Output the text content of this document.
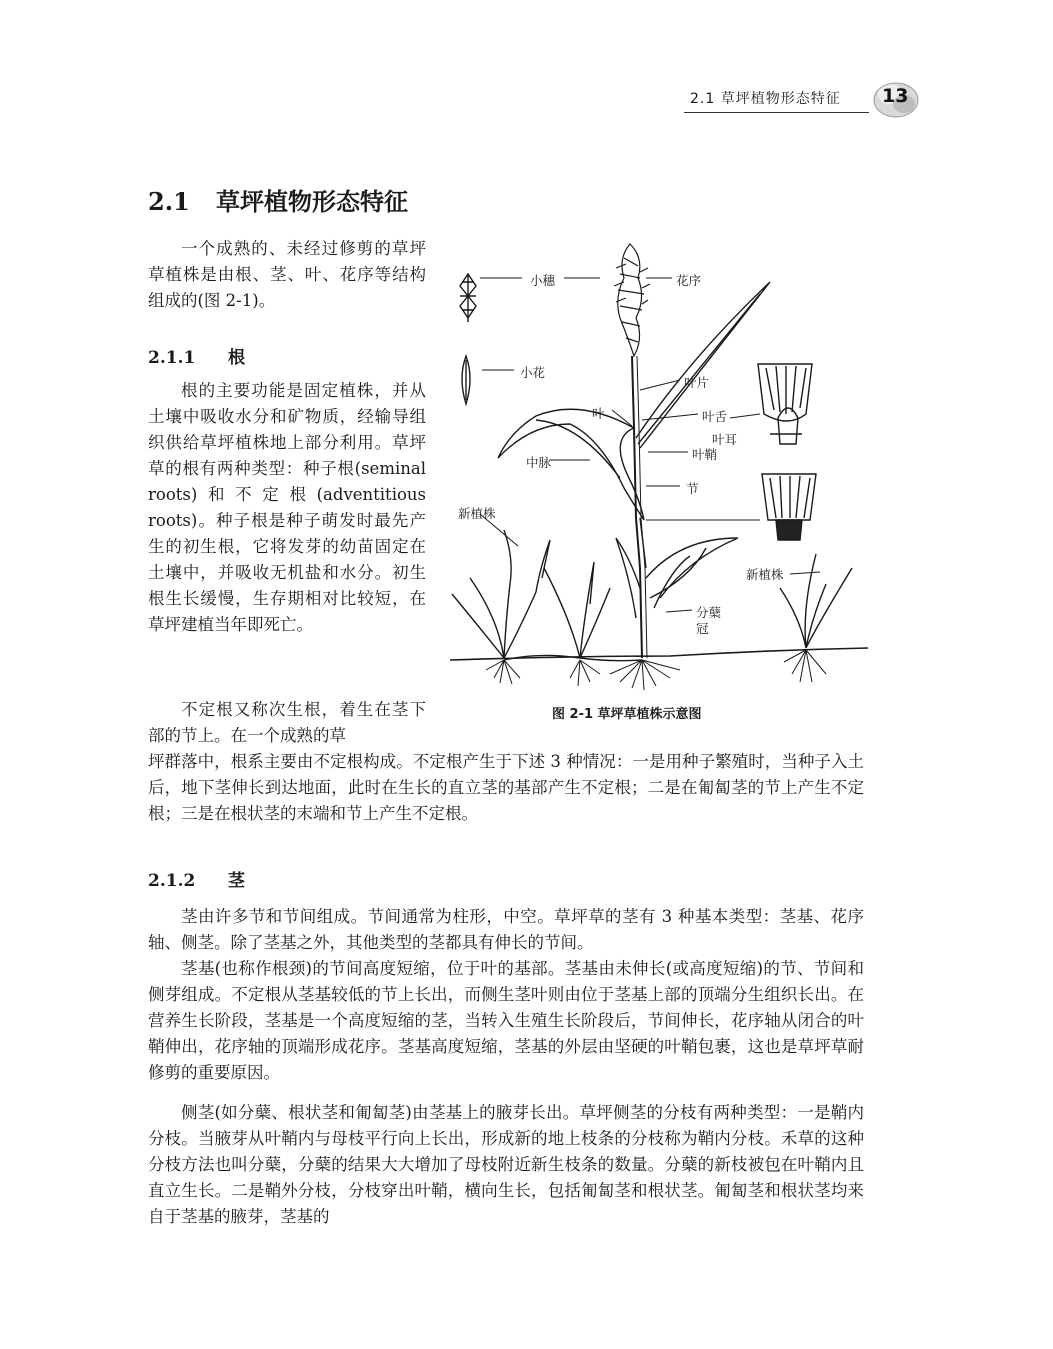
2.1 草坪植物形态特征 13
2.1 草坪植物形态特征

一个成熟的、未经过修剪的草坪草植株是由根、茎、叶、花序等结构组成的(图 2-1)。

2.1.1 根

根的主要功能是固定植株，并从土壤中吸收水分和矿物质，经输导组织供给草坪植株地上部分利用。草坪草的根有两种类型：种子根(seminal roots)和不定根(adventitious roots)。种子根是种子萌发时最先产生的初生根，它将发芽的幼苗固定在土壤中，并吸收无机盐和水分。初生根生长缓慢，生存期相对比较短，在草坪建植当年即死亡。

不定根又称次生根，着生在茎下部的节上。在一个成熟的草

坪群落中，根系主要由不定根构成。不定根产生于下述 3 种情况：一是用种子繁殖时，当种子入土后，地下茎伸长到达地面，此时在生长的直立茎的基部产生不定根；二是在匍匐茎的节上产生不定根；三是在根状茎的末端和节上产生不定根。

小穗	花序
小花
叶片
叶	叶舌
叶耳
叶鞘
中脉
节
新植株
新植株
分蘖
冠
图 2-1 草坪草植株示意图
2.1.2 茎

茎由许多节和节间组成。节间通常为柱形，中空。草坪草的茎有 3 种基本类型：茎基、花序轴、侧茎。除了茎基之外，其他类型的茎都具有伸长的节间。

茎基(也称作根颈)的节间高度短缩，位于叶的基部。茎基由未伸长(或高度短缩)的节、节间和侧芽组成。不定根从茎基较低的节上长出，而侧生茎叶则由位于茎基上部的顶端分生组织长出。在营养生长阶段，茎基是一个高度短缩的茎，当转入生殖生长阶段后，节间伸长，花序轴从闭合的叶鞘伸出，花序轴的顶端形成花序。茎基高度短缩，茎基的外层由坚硬的叶鞘包裹，这也是草坪草耐修剪的重要原因。

侧茎(如分蘖、根状茎和匍匐茎)由茎基上的腋芽长出。草坪侧茎的分枝有两种类型：一是鞘内分枝。当腋芽从叶鞘内与母枝平行向上长出，形成新的地上枝条的分枝称为鞘内分枝。禾草的这种分枝方法也叫分蘖，分蘖的结果大大增加了母枝附近新生枝条的数量。分蘖的新枝被包在叶鞘内且直立生长。二是鞘外分枝，分枝穿出叶鞘，横向生长，包括匍匐茎和根状茎。匍匐茎和根状茎均来自于茎基的腋芽，茎基的
